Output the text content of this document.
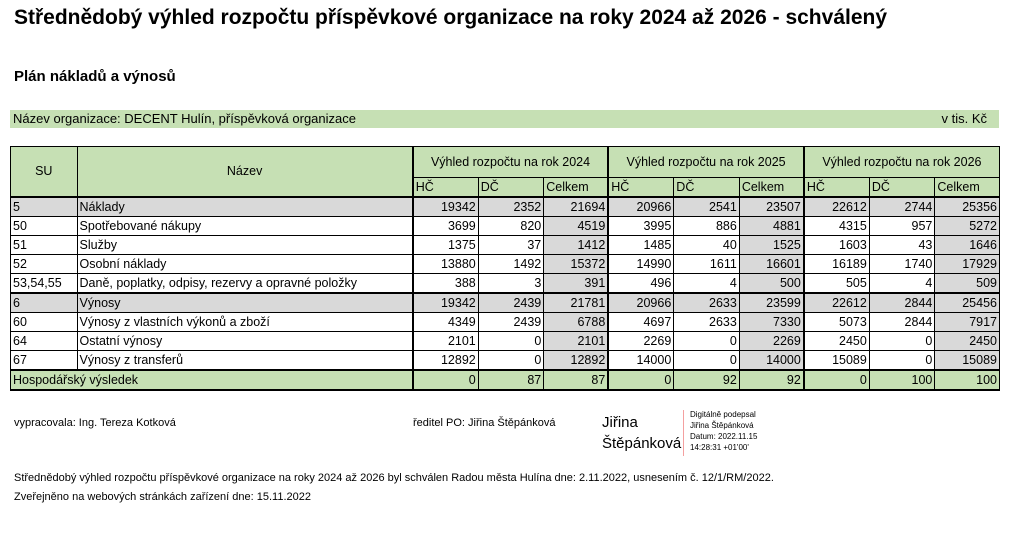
Střednědobý výhled rozpočtu příspěvkové organizace na roky 2024 až 2026 - schválený
Plán nákladů a výnosů
Název organizace: DECENT Hulín, příspěvková organizace	v tis. Kč
SU	Název	Výhled rozpočtu na rok 2024			Výhled rozpočtu na rok 2025			Výhled rozpočtu na rok 2026		
		HČ	DČ	Celkem	HČ	DČ	Celkem	HČ	DČ	Celkem
5	Náklady	19342	2352	21694	20966	2541	23507	22612	2744	25356
50	Spotřebované nákupy	3699	820	4519	3995	886	4881	4315	957	5272
51	Služby	1375	37	1412	1485	40	1525	1603	43	1646
52	Osobní náklady	13880	1492	15372	14990	1611	16601	16189	1740	17929
53,54,55	Daně, poplatky, odpisy, rezervy a opravné položky	388	3	391	496	4	500	505	4	509
6	Výnosy	19342	2439	21781	20966	2633	23599	22612	2844	25456
60	Výnosy z vlastních výkonů a zboží	4349	2439	6788	4697	2633	7330	5073	2844	7917
64	Ostatní výnosy	2101	0	2101	2269	0	2269	2450	0	2450
67	Výnosy z transferů	12892	0	12892	14000	0	14000	15089	0	15089
Hospodářský výsledek		0	87	87	0	92	92	0	100	100
vypracovala: Ing. Tereza Kotková	ředitel PO: Jiřina Štěpánková	Jiřina
Štěpánková
Digitálně podepsal
Jiřina Štěpánková
Datum: 2022.11.15
14:28:31 +01'00'
Střednědobý výhled rozpočtu příspěvkové organizace na roky 2024 až 2026 byl schválen Radou města Hulína dne: 2.11.2022, usnesením č. 12/1/RM/2022.
Zveřejněno na webových stránkách zařízení dne: 15.11.2022
